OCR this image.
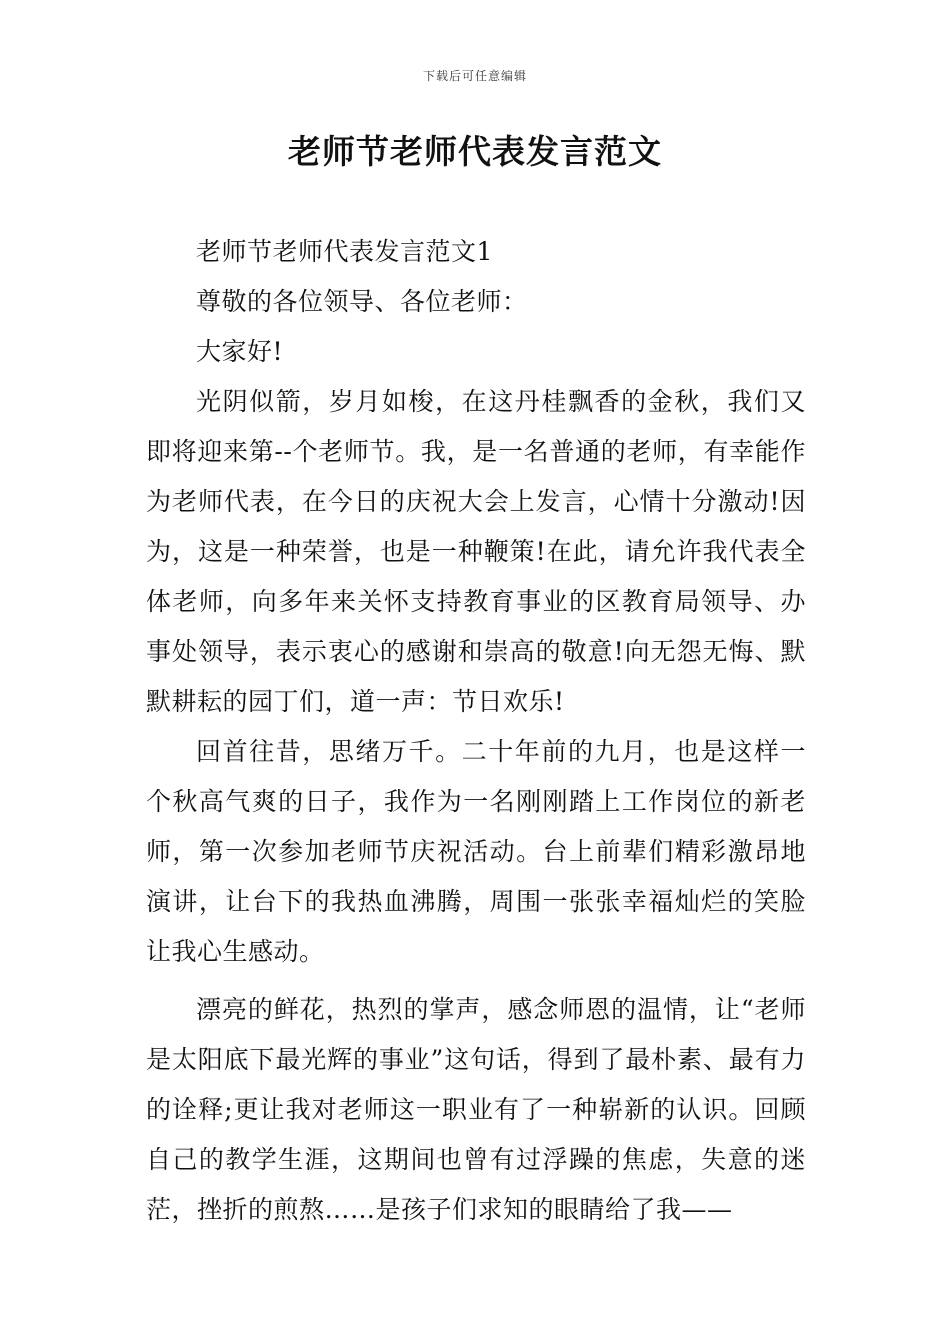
下载后可任意编辑
老师节老师代表发言范文

老师节老师代表发言范文1

尊敬的各位领导、各位老师：

大家好!

光阴似箭，岁月如梭，在这丹桂飘香的金秋，我们又即将迎来第--个老师节。我，是一名普通的老师，有幸能作为老师代表，在今日的庆祝大会上发言，心情十分激动!因为，这是一种荣誉，也是一种鞭策!在此，请允许我代表全体老师，向多年来关怀支持教育事业的区教育局领导、办事处领导，表示衷心的感谢和崇高的敬意!向无怨无悔、默默耕耘的园丁们，道一声：节日欢乐!

回首往昔，思绪万千。二十年前的九月，也是这样一个秋高气爽的日子，我作为一名刚刚踏上工作岗位的新老师，第一次参加老师节庆祝活动。台上前辈们精彩激昂地演讲，让台下的我热血沸腾，周围一张张幸福灿烂的笑脸让我心生感动。

漂亮的鲜花，热烈的掌声，感念师恩的温情，让“老师是太阳底下最光辉的事业”这句话，得到了最朴素、最有力的诠释;更让我对老师这一职业有了一种崭新的认识。回顾自己的教学生涯，这期间也曾有过浮躁的焦虑，失意的迷茫，挫折的煎熬……是孩子们求知的眼睛给了我——
